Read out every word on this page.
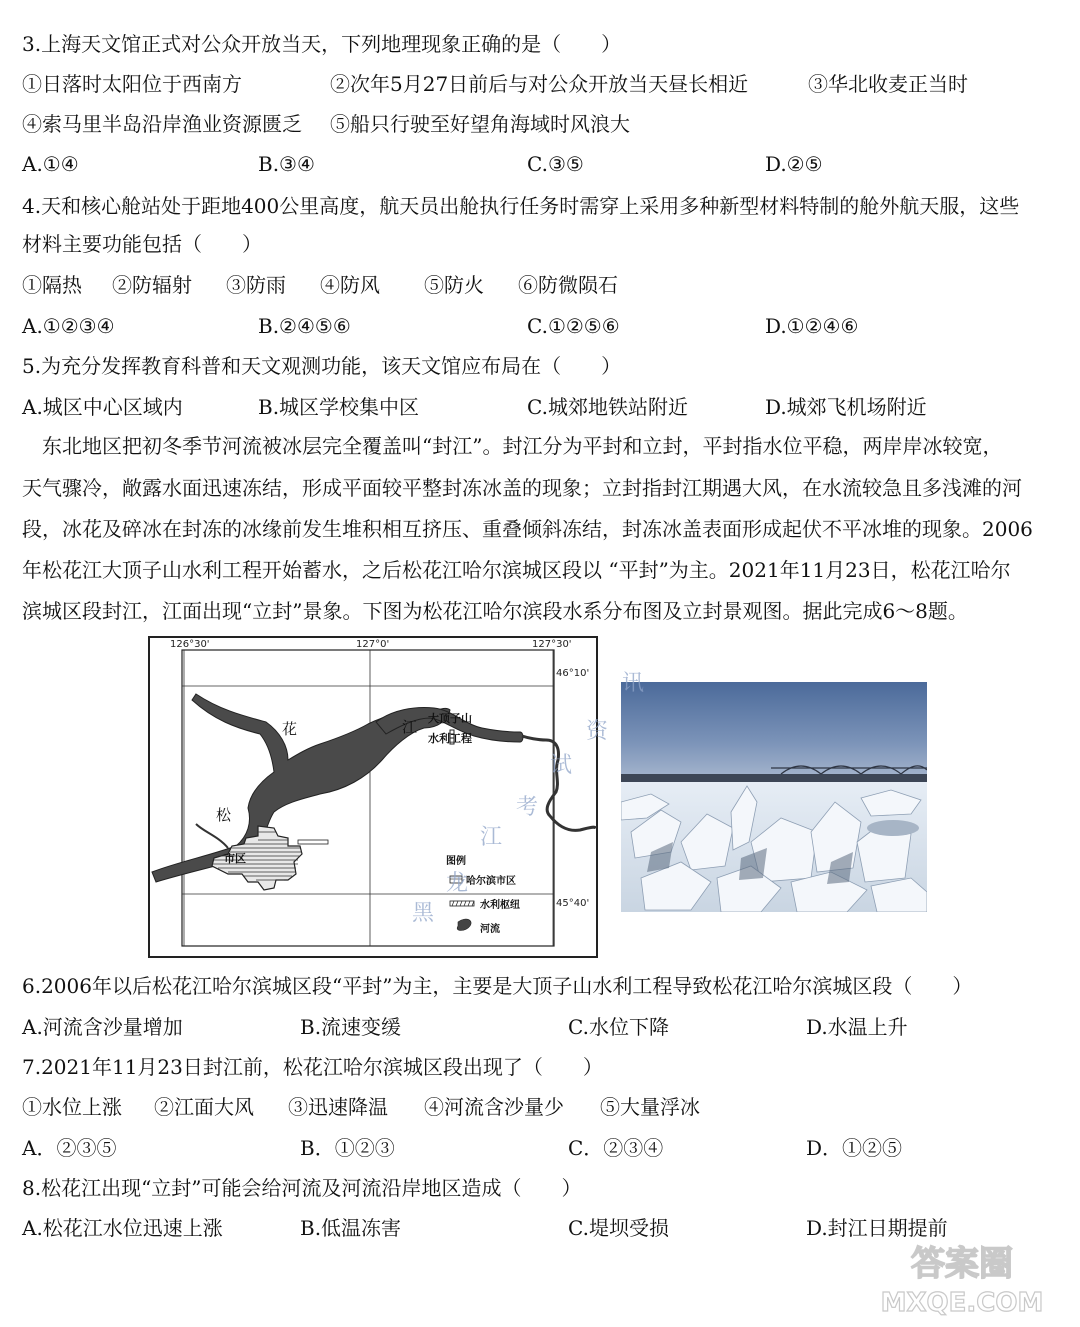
3.上海天文馆正式对公众开放当天，下列地理现象正确的是（　　）
①日落时太阳位于西南方	②次年5月27日前后与对公众开放当天昼长相近	③华北收麦正当时
④索马里半岛沿岸渔业资源匮乏 ⑤船只行驶至好望角海域时风浪大
A.①④	B.③④	C.③⑤	D.②⑤
4.天和核心舱站处于距地400公里高度，航天员出舱执行任务时需穿上采用多种新型材料特制的舱外航天服，这些
材料主要功能包括（　　）
①隔热 ②防辐射 ③防雨 ④防风 ⑤防火 ⑥防微陨石
A.①②③④	B.②④⑤⑥	C.①②⑤⑥	D.①②④⑥
5.为充分发挥教育科普和天文观测功能，该天文馆应布局在（　　）
A.城区中心区域内	B.城区学校集中区	C.城郊地铁站附近	D.城郊飞机场附近
东北地区把初冬季节河流被冰层完全覆盖叫“封江”。封江分为平封和立封，平封指水位平稳，两岸岸冰较宽，
天气骤冷，敞露水面迅速冻结，形成平面较平整封冻冰盖的现象；立封指封江期遇大风，在水流较急且多浅滩的河
段，冰花及碎冰在封冻的冰缘前发生堆积相互挤压、重叠倾斜冻结，封冻冰盖表面形成起伏不平冰堆的现象。2006
年松花江大顶子山水利工程开始蓄水，之后松花江哈尔滨城区段以 “平封”为主。2021年11月23日，松花江哈尔
滨城区段封江，江面出现“立封”景象。下图为松花江哈尔滨段水系分布图及立封景观图。据此完成6～8题。
126°30'	127°0'	127°30'
46°10'
45°40'
市区
花	江
松
大顶子山
水利工程
图例
哈尔滨市区
水利枢纽
河流
黑
龙
江
考
试
资
讯
6.2006年以后松花江哈尔滨城区段“平封”为主，主要是大顶子山水利工程导致松花江哈尔滨城区段（　　）
A.河流含沙量增加	B.流速变缓	C.水位下降	D.水温上升
7.2021年11月23日封江前，松花江哈尔滨城区段出现了（　　）
①水位上涨 ②江面大风 ③迅速降温 ④河流含沙量少 ⑤大量浮冰
A．②③⑤	B．①②③	C．②③④	D．①②⑤
8.松花江出现“立封”可能会给河流及河流沿岸地区造成（　　）
A.松花江水位迅速上涨	B.低温冻害	C.堤坝受损	D.封江日期提前
答案圈
MXQE.COM
